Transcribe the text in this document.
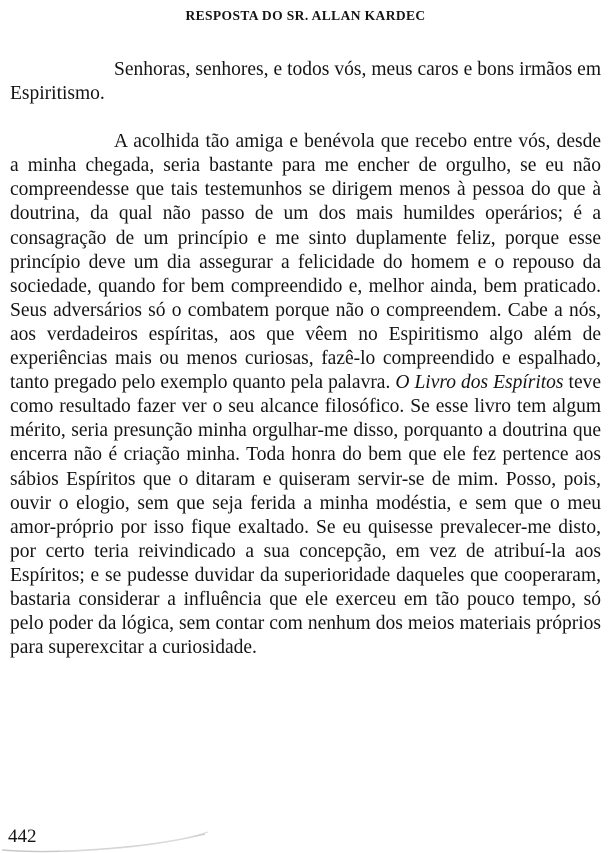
RESPOSTA DO SR. ALLAN KARDEC

Senhoras, senhores, e todos vós, meus caros e bons irmãos em Espiritismo.

A acolhida tão amiga e benévola que recebo entre vós, desde a minha chegada, seria bastante para me encher de orgulho, se eu não compreendesse que tais testemunhos se dirigem menos à pessoa do que à doutrina, da qual não passo de um dos mais humildes operários; é a consagração de um princípio e me sinto duplamente feliz, porque esse princípio deve um dia assegurar a felicidade do homem e o repouso da sociedade, quando for bem compreendido e, melhor ainda, bem praticado. Seus adversários só o combatem porque não o compreendem. Cabe a nós, aos verdadeiros espíritas, aos que vêem no Espiritismo algo além de experiências mais ou menos curiosas, fazê-lo compreendido e espalhado, tanto pregado pelo exemplo quanto pela palavra. O Livro dos Espíritos teve como resultado fazer ver o seu alcance filosófico. Se esse livro tem algum mérito, seria presunção minha orgulhar-me disso, porquanto a doutrina que encerra não é criação minha. Toda honra do bem que ele fez pertence aos sábios Espíritos que o ditaram e quiseram servir-se de mim. Posso, pois, ouvir o elogio, sem que seja ferida a minha modéstia, e sem que o meu amor-próprio por isso fique exaltado. Se eu quisesse prevalecer-me disto, por certo teria reivindicado a sua concepção, em vez de atribuí-la aos Espíritos; e se pudesse duvidar da superioridade daqueles que cooperaram, bastaria considerar a influência que ele exerceu em tão pouco tempo, só pelo poder da lógica, sem contar com nenhum dos meios materiais próprios para superexcitar a curiosidade.

442
